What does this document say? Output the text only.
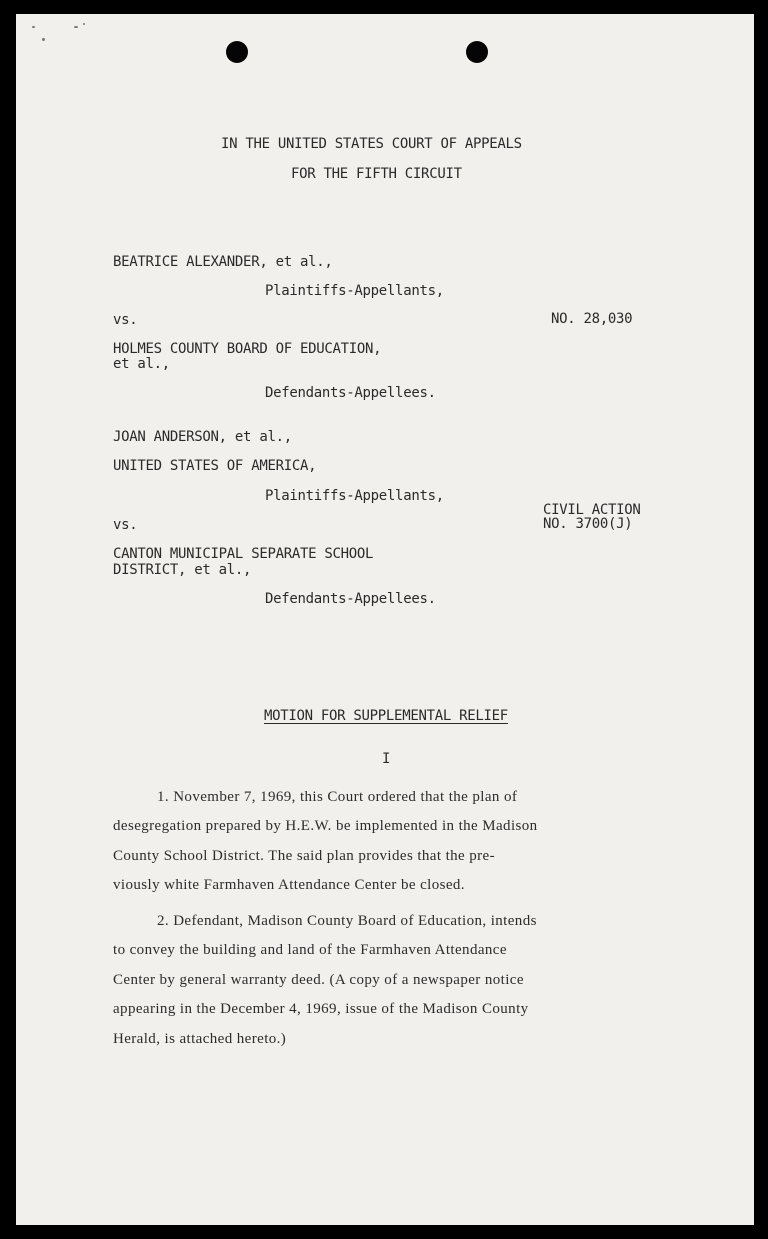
IN THE UNITED STATES COURT OF APPEALS
FOR THE FIFTH CIRCUIT
BEATRICE ALEXANDER, et al.,
Plaintiffs-Appellants,
vs.	NO. 28,030
HOLMES COUNTY BOARD OF EDUCATION,
et al.,
Defendants-Appellees.
JOAN ANDERSON, et al.,
UNITED STATES OF AMERICA,
Plaintiffs-Appellants,
CIVIL ACTION
NO. 3700(J)
vs.
CANTON MUNICIPAL SEPARATE SCHOOL
DISTRICT, et al.,
Defendants-Appellees.
MOTION FOR SUPPLEMENTAL RELIEF
I
1. November 7, 1969, this Court ordered that the plan of
desegregation prepared by H.E.W. be implemented in the Madison
County School District. The said plan provides that the pre-
viously white Farmhaven Attendance Center be closed.
2. Defendant, Madison County Board of Education, intends
to convey the building and land of the Farmhaven Attendance
Center by general warranty deed. (A copy of a newspaper notice
appearing in the December 4, 1969, issue of the Madison County
Herald, is attached hereto.)
